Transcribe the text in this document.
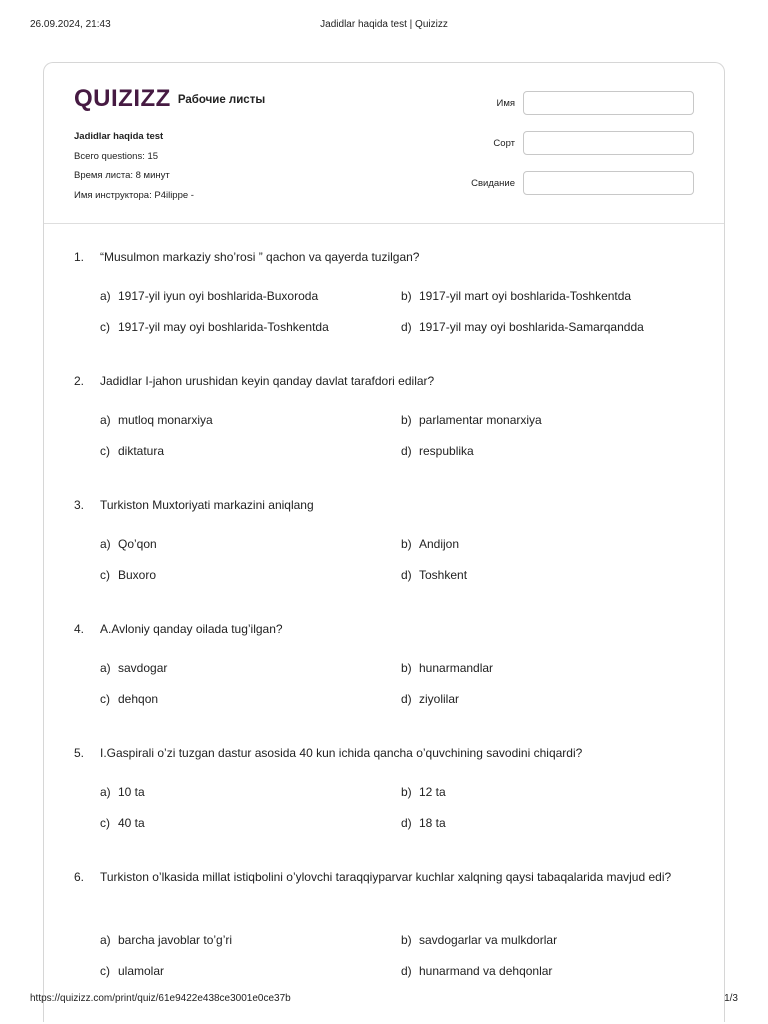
26.09.2024, 21:43	Jadidlar haqida test | Quizizz
QUIZIZZ Рабочие листы
Jadidlar haqida test
Всего questions: 15
Время листа: 8 минут
Имя инструктора: P4ilippe -
Имя
Сорт
Свидание
1. “Musulmon markaziy sho’rosi ” qachon va qayerda tuzilgan?
a) 1917-yil iyun oyi boshlarida-Buxoroda	b) 1917-yil mart oyi boshlarida-Toshkentda
c) 1917-yil may oyi boshlarida-Toshkentda	d) 1917-yil may oyi boshlarida-Samarqandda
2. Jadidlar I-jahon urushidan keyin qanday davlat tarafdori edilar?
a) mutloq monarxiya	b) parlamentar monarxiya
c) diktatura	d) respublika
3. Turkiston Muxtoriyati markazini aniqlang
a) Qo’qon	b) Andijon
c) Buxoro	d) Toshkent
4. A.Avloniy qanday oilada tug’ilgan?
a) savdogar	b) hunarmandlar
c) dehqon	d) ziyolilar
5. I.Gaspirali o’zi tuzgan dastur asosida 40 kun ichida qancha o’quvchining savodini chiqardi?
a) 10 ta	b) 12 ta
c) 40 ta	d) 18 ta
6. Turkiston o’lkasida millat istiqbolini o’ylovchi taraqqiyparvar kuchlar xalqning qaysi tabaqalarida mavjud edi?
a) barcha javoblar to’g’ri	b) savdogarlar va mulkdorlar
c) ulamolar	d) hunarmand va dehqonlar
https://quizizz.com/print/quiz/61e9422e438ce3001e0ce37b	1/3
